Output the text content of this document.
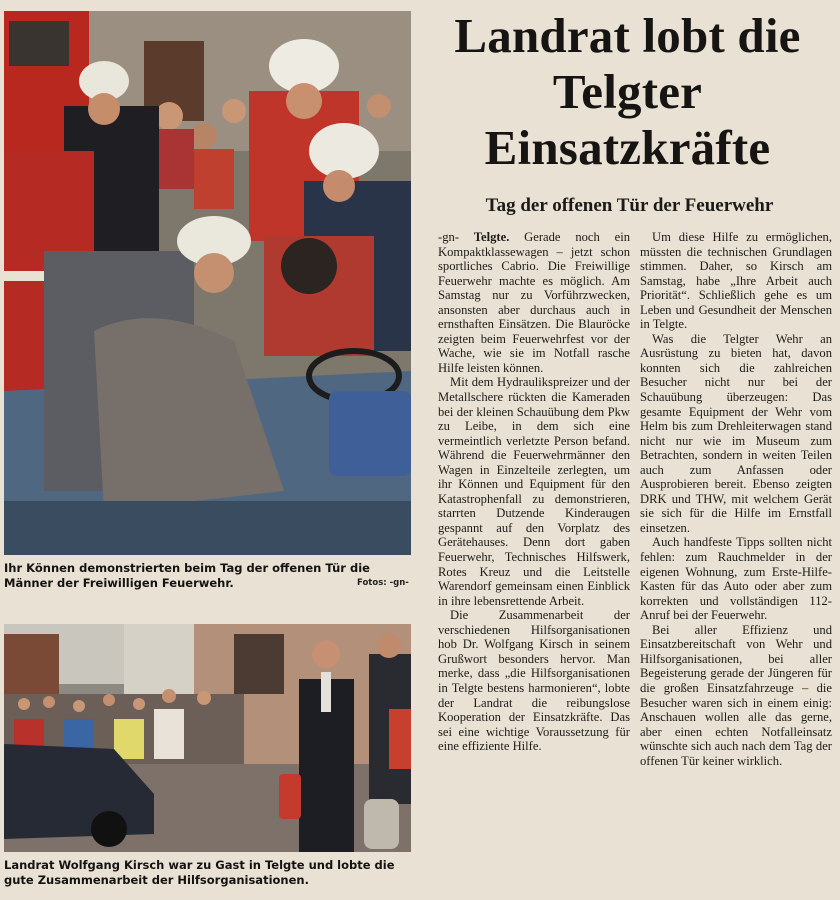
Ihr Können demonstrierten beim Tag der offenen Tür die Männer der Freiwilligen Feuerwehr.	Fotos: -gn-
Landrat Wolfgang Kirsch war zu Gast in Telgte und lobte die gute Zusammenarbeit der Hilfsorganisationen.
Landrat lobt die Telgter Einsatzkräfte
Tag der offenen Tür der Feuerwehr

-gn- Telgte. Gerade noch ein Kompaktklassewagen – jetzt schon sportliches Cabrio. Die Freiwillige Feuerwehr machte es möglich. Am Samstag nur zu Vorführzwecken, ansonsten aber durchaus auch in ernsthaften Einsätzen. Die Blauröcke zeigten beim Feuerwehrfest vor der Wache, wie sie im Notfall rasche Hilfe leisten können.

Mit dem Hydraulikspreizer und der Metallschere rückten die Kameraden bei der kleinen Schauübung dem Pkw zu Leibe, in dem sich eine vermeintlich verletzte Person befand. Während die Feuerwehrmänner den Wagen in Einzelteile zerlegten, um ihr Können und Equipment für den Katastrophenfall zu demonstrieren, starrten Dutzende Kinderaugen gespannt auf den Vorplatz des Gerätehauses. Denn dort gaben Feuerwehr, Technisches Hilfswerk, Rotes Kreuz und die Leitstelle Warendorf gemeinsam einen Einblick in ihre lebensrettende Arbeit.

Die Zusammenarbeit der verschiedenen Hilfsorganisationen hob Dr. Wolfgang Kirsch in seinem Grußwort besonders hervor. Man merke, dass „die Hilfsorganisationen in Telgte bestens harmonieren“, lobte der Landrat die reibungslose Kooperation der Einsatzkräfte. Das sei eine wichtige Voraussetzung für eine effiziente Hilfe.

Um diese Hilfe zu ermöglichen, müssten die technischen Grundlagen stimmen. Daher, so Kirsch am Samstag, habe „Ihre Arbeit auch Priorität“. Schließlich gehe es um Leben und Gesundheit der Menschen in Telgte.

Was die Telgter Wehr an Ausrüstung zu bieten hat, davon konnten sich die zahlreichen Besucher nicht nur bei der Schauübung überzeugen: Das gesamte Equipment der Wehr vom Helm bis zum Drehleiterwagen stand nicht nur wie im Museum zum Betrachten, sondern in weiten Teilen auch zum Anfassen oder Ausprobieren bereit. Ebenso zeigten DRK und THW, mit welchem Gerät sie sich für die Hilfe im Ernstfall einsetzen.

Auch handfeste Tipps sollten nicht fehlen: zum Rauchmelder in der eigenen Wohnung, zum Erste-Hilfe-Kasten für das Auto oder aber zum korrekten und vollständigen 112-Anruf bei der Feuerwehr.

Bei aller Effizienz und Einsatzbereitschaft von Wehr und Hilfsorganisationen, bei aller Begeisterung gerade der Jüngeren für die großen Einsatzfahrzeuge – die Besucher waren sich in einem einig: Anschauen wollen alle das gerne, aber einen echten Notfalleinsatz wünschte sich auch nach dem Tag der offenen Tür keiner wirklich.
